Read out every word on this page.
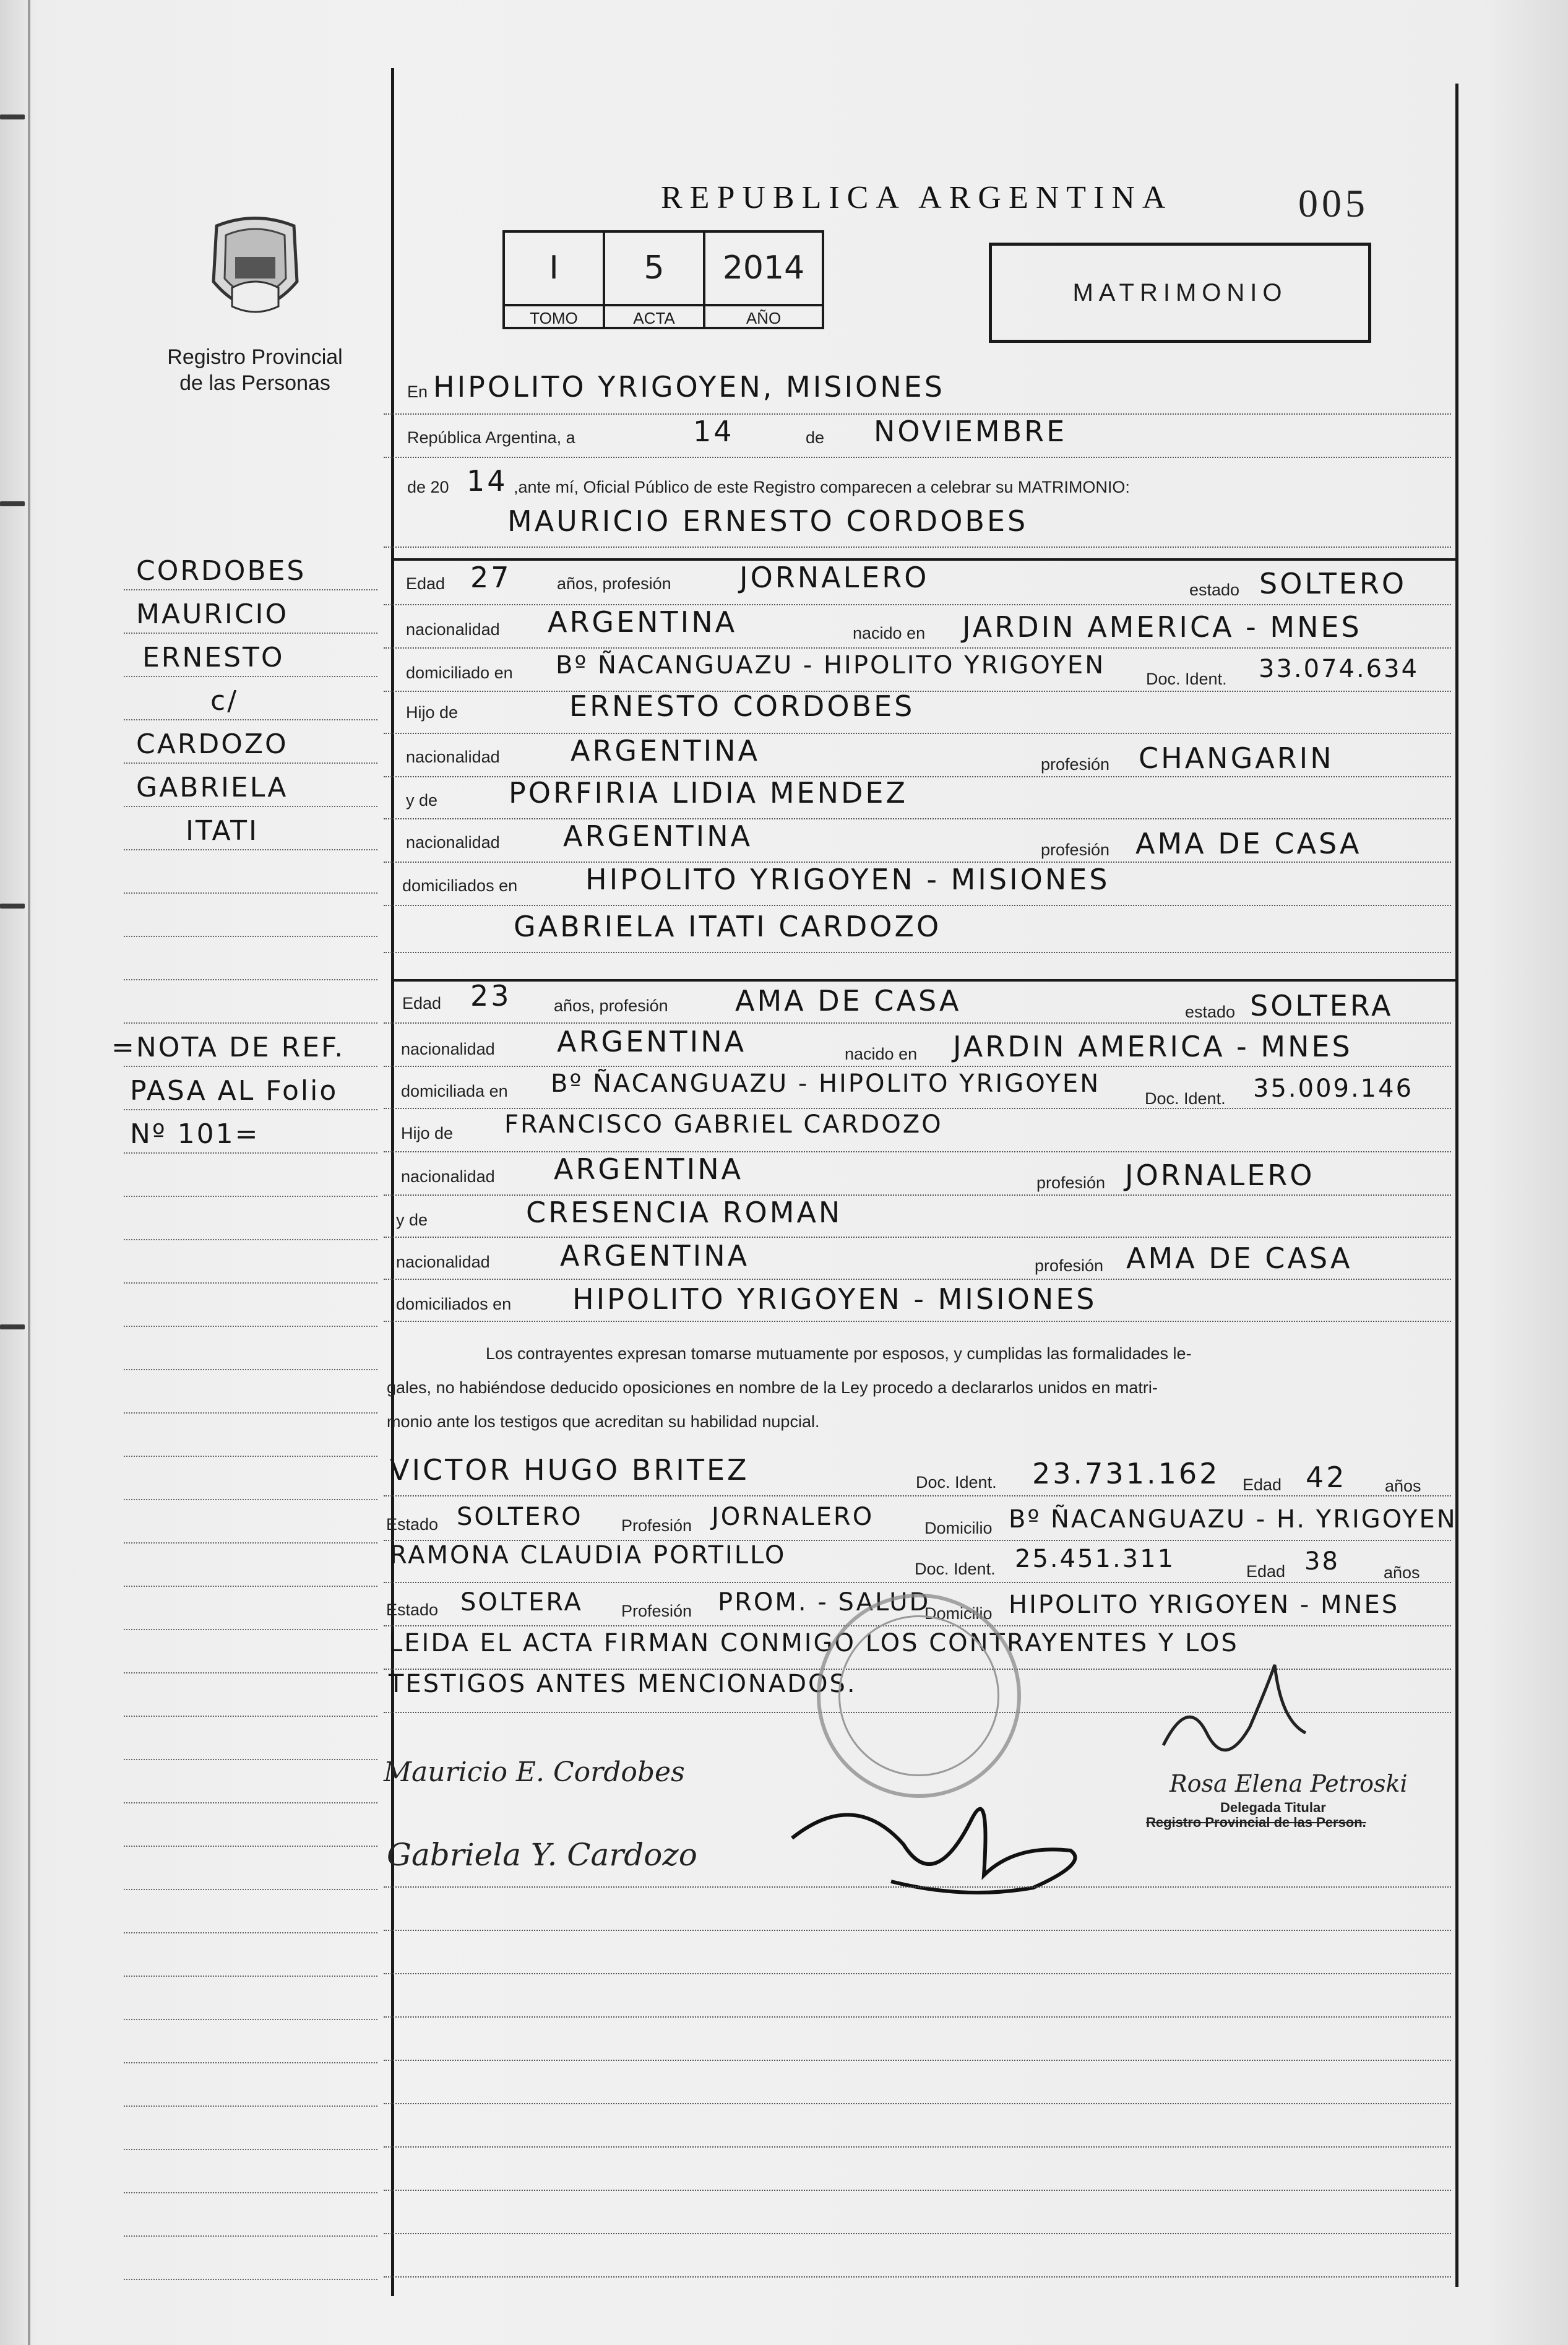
Registro Provincial
de las Personas
REPUBLICA ARGENTINA	005
I	5	2014
TOMO	ACTA	AÑO
MATRIMONIO
En HIPOLITO YRIGOYEN, MISIONES
República Argentina, a	14	de NOVIEMBRE
de 20 14 ,ante mí, Oficial Público de este Registro comparecen a celebrar su MATRIMONIO:
MAURICIO ERNESTO CORDOBES
Edad 27	años, profesión JORNALERO	estado SOLTERO
nacionalidad ARGENTINA	nacido en JARDIN AMERICA - MNES
domiciliado en Bº ÑACANGUAZU - HIPOLITO YRIGOYEN Doc. Ident. 33.074.634
Hijo de	ERNESTO CORDOBES
nacionalidad ARGENTINA	profesión CHANGARIN
y de PORFIRIA LIDIA MENDEZ
nacionalidad ARGENTINA	profesión AMA DE CASA
domiciliados en HIPOLITO YRIGOYEN - MISIONES
GABRIELA ITATI CARDOZO
Edad 23	años, profesión AMA DE CASA	estado SOLTERA
nacionalidad ARGENTINA	nacido en JARDIN AMERICA - MNES
domiciliada en Bº ÑACANGUAZU - HIPOLITO YRIGOYEN
Doc. Ident. 35.009.146
Hijo de FRANCISCO GABRIEL CARDOZO
nacionalidad ARGENTINA	profesión JORNALERO
y de	CRESENCIA ROMAN
nacionalidad ARGENTINA	profesión AMA DE CASA
domiciliados en HIPOLITO YRIGOYEN - MISIONES
Los contrayentes expresan tomarse mutuamente por esposos, y cumplidas las formalidades le-
gales, no habiéndose deducido oposiciones en nombre de la Ley procedo a declararlos unidos en matri-
monio ante los testigos que acreditan su habilidad nupcial.
VICTOR HUGO BRITEZ	Doc. Ident. 23.731.162 Edad 42 años
Estado SOLTERO Profesión JORNALERO	Domicilio Bº ÑACANGUAZU - H. YRIGOYEN
RAMONA CLAUDIA PORTILLO	Doc. Ident. 25.451.311	Edad 38	años
Estado SOLTERA Profesión PROM. - SALUD
Domicilio HIPOLITO YRIGOYEN - MNES
LEIDA EL ACTA FIRMAN CONMIGO LOS CONTRAYENTES Y LOS
TESTIGOS ANTES MENCIONADOS.
Mauricio E. Cordobes
Gabriela Y. Cardozo
Rosa Elena Petroski
Delegada Titular
Registro Provincial de las Person.
CORDOBES
MAURICIO
ERNESTO
c/
CARDOZO
GABRIELA
ITATI
=NOTA DE REF.
PASA AL Folio
Nº 101=
